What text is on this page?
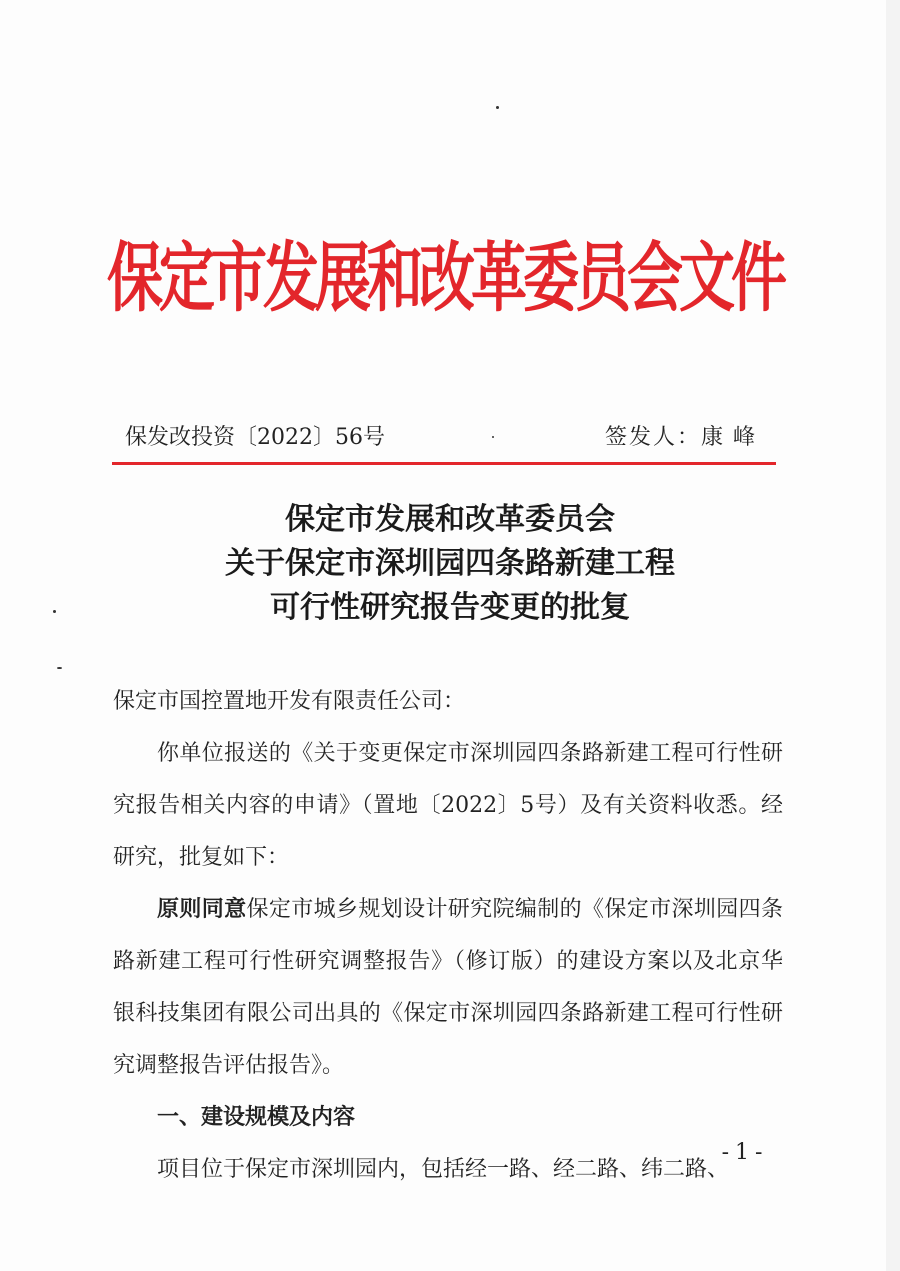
保定市发展和改革委员会文件
保发改投资〔2022〕56号	签发人：康峰
保定市发展和改革委员会
关于保定市深圳园四条路新建工程
可行性研究报告变更的批复

保定市国控置地开发有限责任公司：

你单位报送的《关于变更保定市深圳园四条路新建工程可行性研究报告相关内容的申请》（置地〔2022〕5号）及有关资料收悉。经研究，批复如下：

原则同意保定市城乡规划设计研究院编制的《保定市深圳园四条路新建工程可行性研究调整报告》（修订版）的建设方案以及北京华银科技集团有限公司出具的《保定市深圳园四条路新建工程可行性研究调整报告评估报告》。

一、建设规模及内容

项目位于保定市深圳园内，包括经一路、经二路、纬二路、

-1-
